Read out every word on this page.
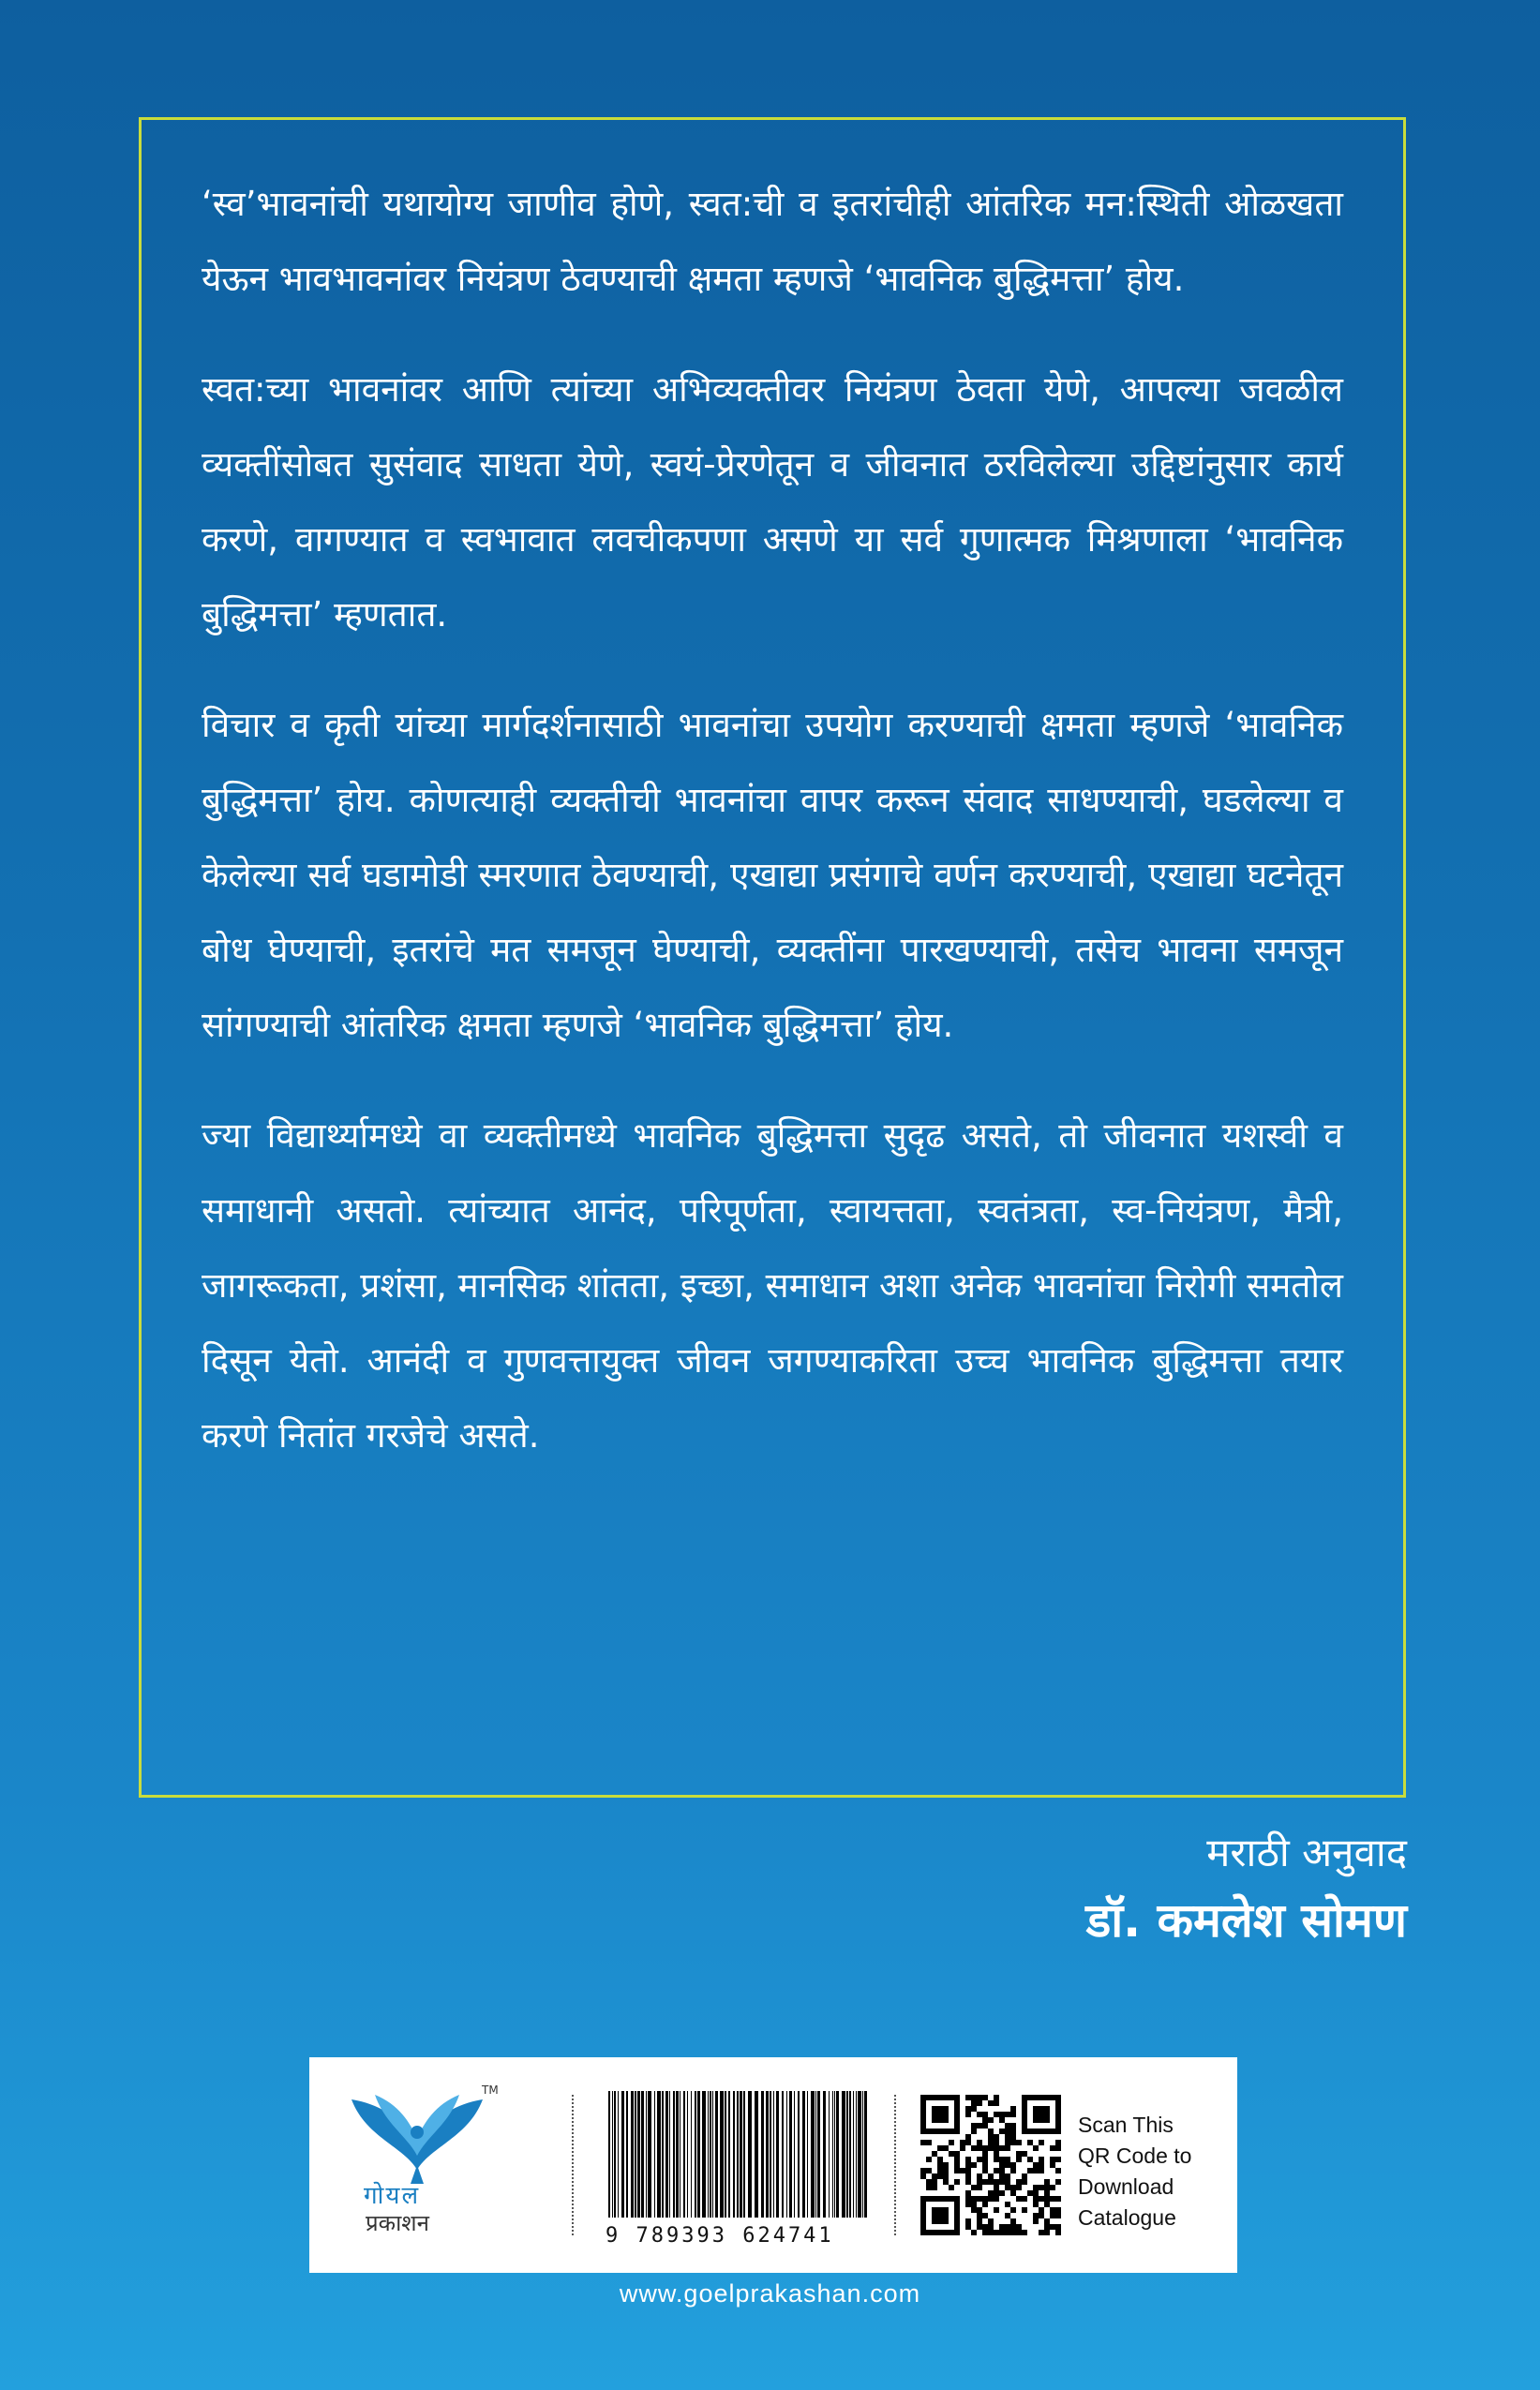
‘स्व’भावनांची यथायोग्य जाणीव होणे, स्वत:ची व इतरांचीही आंतरिक मन:स्थिती ओळखता येऊन भावभावनांवर नियंत्रण ठेवण्याची क्षमता म्हणजे ‘भावनिक बुद्धिमत्ता’ होय.

स्वत:च्या भावनांवर आणि त्यांच्या अभिव्यक्तीवर नियंत्रण ठेवता येणे, आपल्या जवळील व्यक्तींसोबत सुसंवाद साधता येणे, स्वयं-प्रेरणेतून व जीवनात ठरविलेल्या उद्दिष्टांनुसार कार्य करणे, वागण्यात व स्वभावात लवचीकपणा असणे या सर्व गुणात्मक मिश्रणाला ‘भावनिक बुद्धिमत्ता’ म्हणतात.

विचार व कृती यांच्या मार्गदर्शनासाठी भावनांचा उपयोग करण्याची क्षमता म्हणजे ‘भावनिक बुद्धिमत्ता’ होय. कोणत्याही व्यक्तीची भावनांचा वापर करून संवाद साधण्याची, घडलेल्या व केलेल्या सर्व घडामोडी स्मरणात ठेवण्याची, एखाद्या प्रसंगाचे वर्णन करण्याची, एखाद्या घटनेतून बोध घेण्याची, इतरांचे मत समजून घेण्याची, व्यक्तींना पारखण्याची, तसेच भावना समजून सांगण्याची आंतरिक क्षमता म्हणजे ‘भावनिक बुद्धिमत्ता’ होय.

ज्या विद्यार्थ्यामध्ये वा व्यक्तीमध्ये भावनिक बुद्धिमत्ता सुदृढ असते, तो जीवनात यशस्वी व समाधानी असतो. त्यांच्यात आनंद, परिपूर्णता, स्वायत्तता, स्वतंत्रता, स्व-नियंत्रण, मैत्री, जागरूकता, प्रशंसा, मानसिक शांतता, इच्छा, समाधान अशा अनेक भावनांचा निरोगी समतोल दिसून येतो. आनंदी व गुणवत्तायुक्त जीवन जगण्याकरिता उच्च भावनिक बुद्धिमत्ता तयार करणे नितांत गरजेचे असते.

मराठी अनुवाद
डॉ. कमलेश सोमण
TM
गोयल
प्रकाशन	9 789393 624741
Scan This
QR Code to
Download
Catalogue
www.goelprakashan.com
